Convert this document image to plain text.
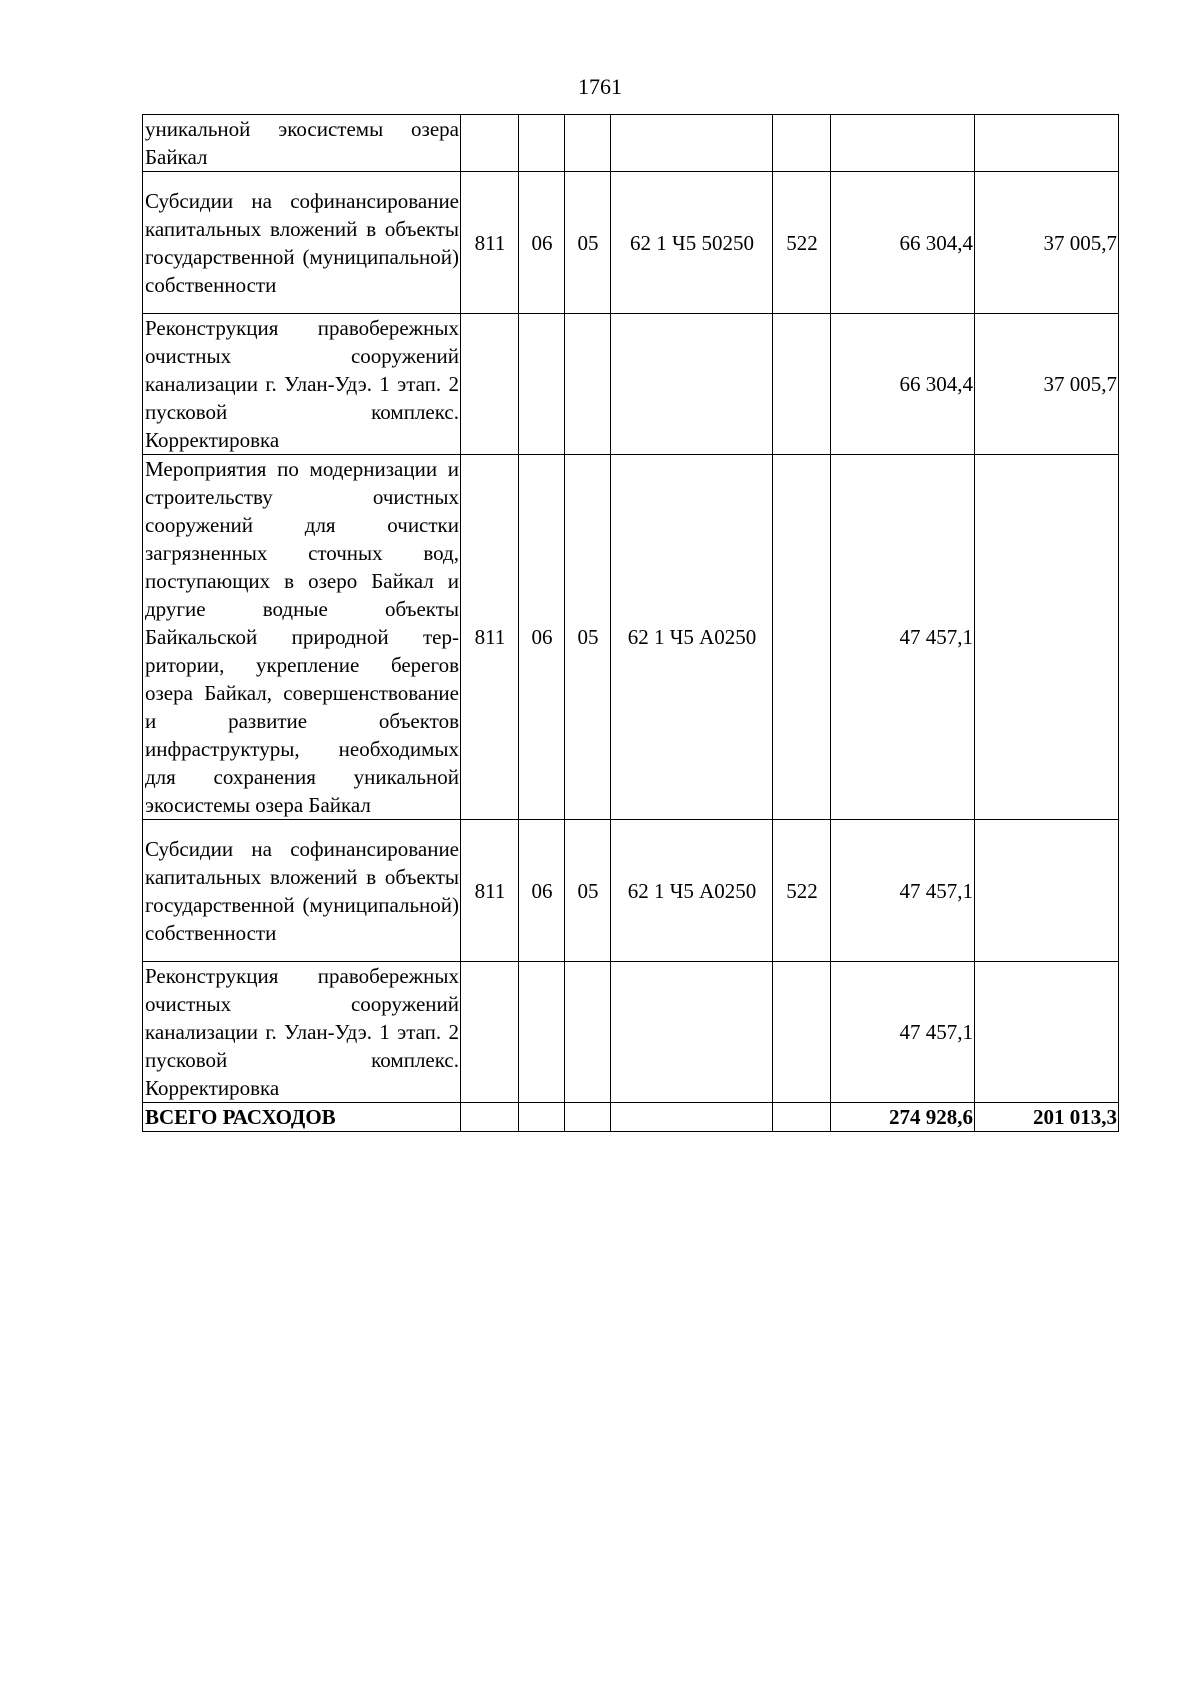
1761
уникальной экосистемы озера Байкал							
Субсидии на софинансирование капитальных вложений в объекты государственной (муниципальной) собственности	811	06	05	62 1 Ч5 50250	522	66 304,4	37 005,7
Реконструкция правобережных очистных сооружений канализации г. Улан-Удэ. 1 этап. 2 пусковой комплекс. Корректировка						66 304,4	37 005,7
Мероприятия по модернизации и строительству очистных сооружений для очистки загрязненных сточных вод, поступающих в озеро Байкал и другие водные объекты Байкальской природной территории, укрепление берегов озера Байкал, совершенствование и развитие объектов инфраструктуры, необходимых для сохранения уникальной экосистемы озера Байкал	811	06	05	62 1 Ч5 А0250		47 457,1	
Субсидии на софинансирование капитальных вложений в объекты государственной (муниципальной) собственности	811	06	05	62 1 Ч5 А0250	522	47 457,1	
Реконструкция правобережных очистных сооружений канализации г. Улан-Удэ. 1 этап. 2 пусковой комплекс. Корректировка						47 457,1	
ВСЕГО РАСХОДОВ						274 928,6	201 013,3
